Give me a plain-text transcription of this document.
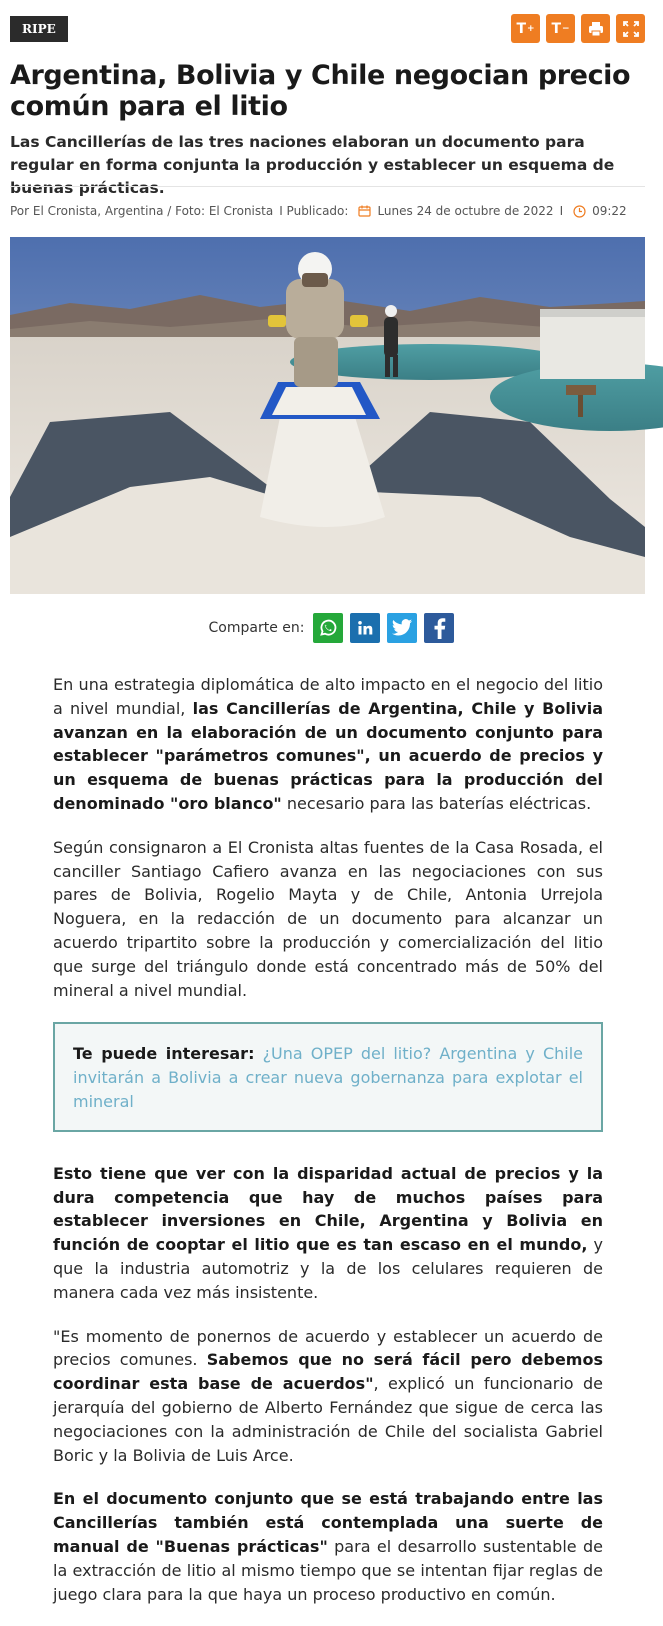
RIPE	T + T −
Argentina, Bolivia y Chile negocian precio común para el litio
Las Cancillerías de las tres naciones elaboran un documento para regular en forma conjunta la producción y establecer un esquema de buenas prácticas.
Por El Cronista, Argentina / Foto: El Cronista I Publicado: Lunes 24 de octubre de 2022 I 09:22
Comparte en:

En una estrategia diplomática de alto impacto en el negocio del litio a nivel mundial, las Cancillerías de Argentina, Chile y Bolivia avanzan en la elaboración de un documento conjunto para establecer "parámetros comunes", un acuerdo de precios y un esquema de buenas prácticas para la producción del denominado "oro blanco" necesario para las baterías eléctricas.

Según consignaron a El Cronista altas fuentes de la Casa Rosada, el canciller Santiago Cafiero avanza en las negociaciones con sus pares de Bolivia, Rogelio Mayta y de Chile, Antonia Urrejola Noguera, en la redacción de un documento para alcanzar un acuerdo tripartito sobre la producción y comercialización del litio que surge del triángulo donde está concentrado más de 50% del mineral a nivel mundial.

Te puede interesar: ¿Una OPEP del litio? Argentina y Chile invitarán a Bolivia a crear nueva gobernanza para explotar el mineral

Esto tiene que ver con la disparidad actual de precios y la dura competencia que hay de muchos países para establecer inversiones en Chile, Argentina y Bolivia en función de cooptar el litio que es tan escaso en el mundo, y que la industria automotriz y la de los celulares requieren de manera cada vez más insistente.

"Es momento de ponernos de acuerdo y establecer un acuerdo de precios comunes. Sabemos que no será fácil pero debemos coordinar esta base de acuerdos", explicó un funcionario de jerarquía del gobierno de Alberto Fernández que sigue de cerca las negociaciones con la administración de Chile del socialista Gabriel Boric y la Bolivia de Luis Arce.

En el documento conjunto que se está trabajando entre las Cancillerías también está contemplada una suerte de manual de "Buenas prácticas" para el desarrollo sustentable de la extracción de litio al mismo tiempo que se intentan fijar reglas de juego clara para la que haya un proceso productivo en común.
